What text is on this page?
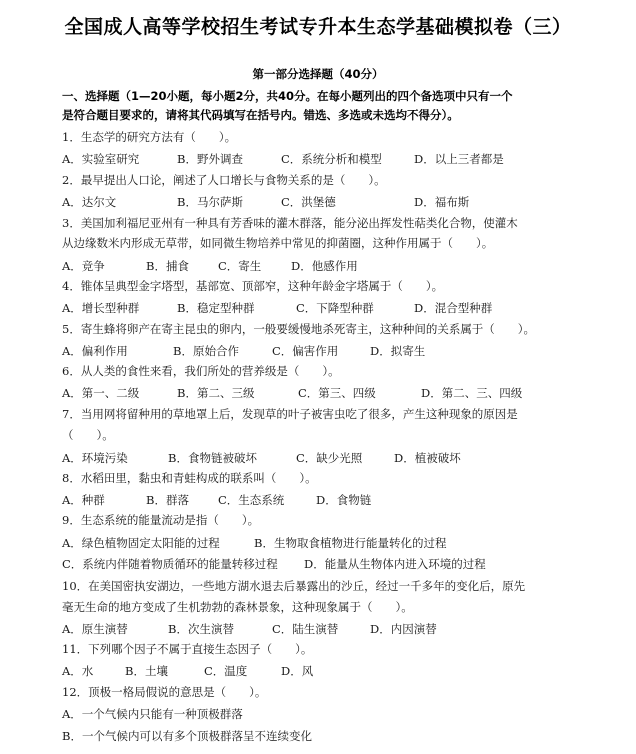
全国成人高等学校招生考试专升本生态学基础模拟卷（三）
第一部分选择题（40分）
一、选择题（1—20小题，每小题2分，共40分。在每小题列出的四个备选项中只有一个
是符合题目要求的，请将其代码填写在括号内。错选、多选或未选均不得分）。
1．生态学的研究方法有（　　）。
A．实验室研究	B．野外调查	C．系统分析和模型	D．以上三者都是
2．最早提出人口论，阐述了人口增长与食物关系的是（　　）。
A．达尔文	B．马尔萨斯	C．洪堡德	D．福布斯
3．美国加利福尼亚州有一种具有芳香味的灌木群落，能分泌出挥发性萜类化合物，使灌木
从边缘数米内形成无草带，如同微生物培养中常见的抑菌圈，这种作用属于（　　）。
A．竞争	B．捕食	C．寄生	D．他感作用
4．锥体呈典型金字塔型，基部宽、顶部窄，这种年龄金字塔属于（　　）。
A．增长型种群	B．稳定型种群	C．下降型种群	D．混合型种群
5．寄生蜂将卵产在寄主昆虫的卵内，一般要缓慢地杀死寄主，这种种间的关系属于（　　）。
A．偏利作用	B．原始合作	C．偏害作用	D．拟寄生
6．从人类的食性来看，我们所处的营养级是（　　）。
A．第一、二级	B．第二、三级	C．第三、四级	D．第二、三、四级
7．当用网将留种用的草地罩上后，发现草的叶子被害虫吃了很多，产生这种现象的原因是
（　　）。
A．环境污染	B．食物链被破坏	C．缺少光照	D．植被破坏
8．水稻田里，黏虫和青蛙构成的联系叫（　　）。
A．种群	B．群落	C．生态系统	D．食物链
9．生态系统的能量流动是指（　　）。
A．绿色植物固定太阳能的过程	B．生物取食植物进行能量转化的过程
C．系统内伴随着物质循环的能量转移过程 D．能量从生物体内进入环境的过程
10．在美国密执安湖边，一些地方湖水退去后暴露出的沙丘，经过一千多年的变化后，原先
毫无生命的地方变成了生机勃勃的森林景象，这种现象属于（　　）。
A．原生演替	B．次生演替	C．陆生演替	D．内因演替
11．下列哪个因子不属于直接生态因子（　　）。
A．水	B．土壤	C．温度	D．风
12．顶极一格局假说的意思是（　　）。
A．一个气候内只能有一种顶极群落
B．一个气候内可以有多个顶极群落呈不连续变化
